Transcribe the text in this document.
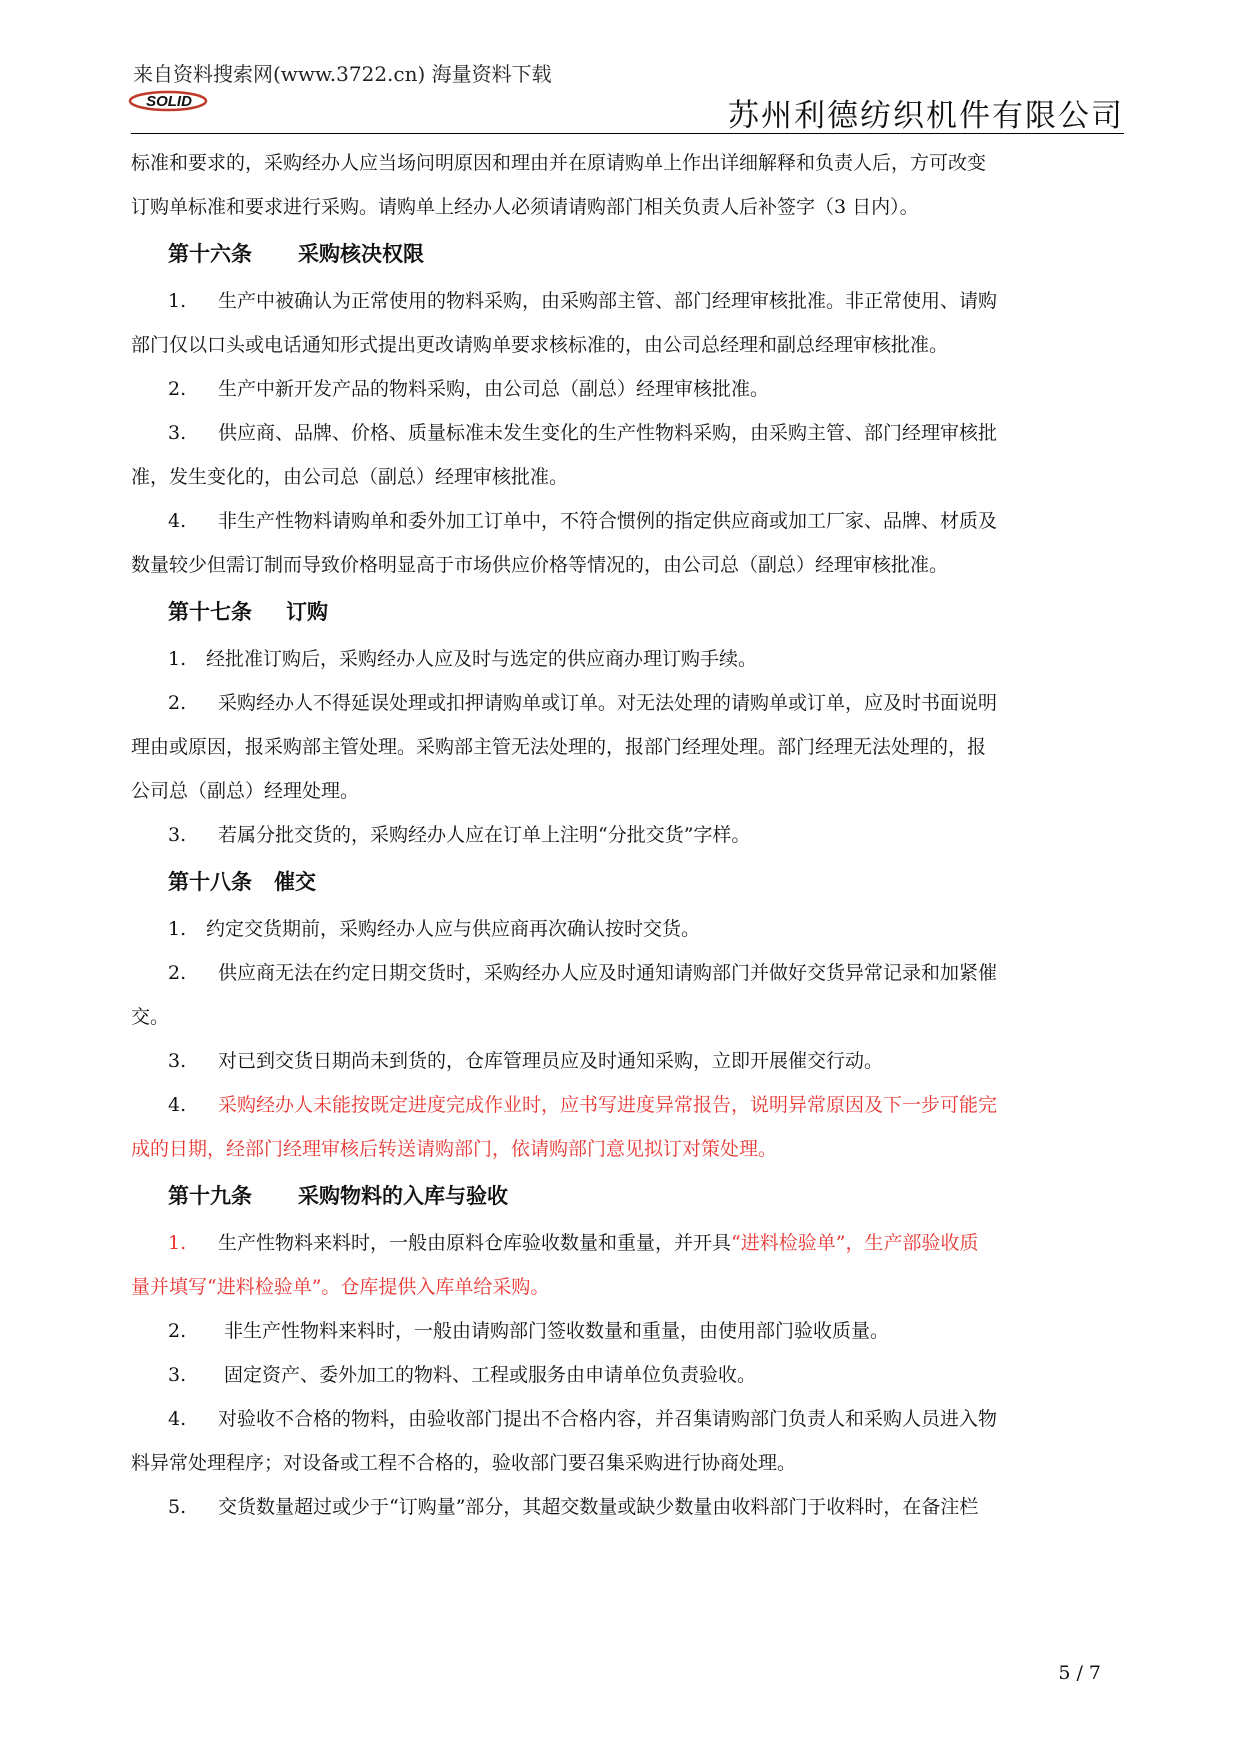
来自资料搜索网(www.3722.cn) 海量资料下载
SOLID	苏州利德纺织机件有限公司
标准和要求的，采购经办人应当场问明原因和理由并在原请购单上作出详细解释和负责人后，方可改变
订购单标准和要求进行采购。请购单上经办人必须请请购部门相关负责人后补签字（3 日内）。
第十六条 采购核决权限
1. 生产中被确认为正常使用的物料采购，由采购部主管、部门经理审核批准。非正常使用、请购
部门仅以口头或电话通知形式提出更改请购单要求核标准的，由公司总经理和副总经理审核批准。
2. 生产中新开发产品的物料采购，由公司总（副总）经理审核批准。
3. 供应商、品牌、价格、质量标准未发生变化的生产性物料采购，由采购主管、部门经理审核批
准，发生变化的，由公司总（副总）经理审核批准。
4. 非生产性物料请购单和委外加工订单中，不符合惯例的指定供应商或加工厂家、品牌、材质及
数量较少但需订制而导致价格明显高于市场供应价格等情况的，由公司总（副总）经理审核批准。
第十七条 订购
1. 经批准订购后，采购经办人应及时与选定的供应商办理订购手续。
2. 采购经办人不得延误处理或扣押请购单或订单。对无法处理的请购单或订单，应及时书面说明
理由或原因，报采购部主管处理。采购部主管无法处理的，报部门经理处理。部门经理无法处理的，报
公司总（副总）经理处理。
3. 若属分批交货的，采购经办人应在订单上注明“分批交货”字样。
第十八条 催交
1. 约定交货期前，采购经办人应与供应商再次确认按时交货。
2. 供应商无法在约定日期交货时，采购经办人应及时通知请购部门并做好交货异常记录和加紧催
交。
3. 对已到交货日期尚未到货的，仓库管理员应及时通知采购，立即开展催交行动。
4. 采购经办人未能按既定进度完成作业时，应书写进度异常报告，说明异常原因及下一步可能完
成的日期，经部门经理审核后转送请购部门，依请购部门意见拟订对策处理。
第十九条 采购物料的入库与验收
1. 生产性物料来料时，一般由原料仓库验收数量和重量，并开具“进料检验单”，生产部验收质
量并填写“进料检验单”。仓库提供入库单给采购。
2. 非生产性物料来料时，一般由请购部门签收数量和重量，由使用部门验收质量。
3. 固定资产、委外加工的物料、工程或服务由申请单位负责验收。
4. 对验收不合格的物料，由验收部门提出不合格内容，并召集请购部门负责人和采购人员进入物
料异常处理程序；对设备或工程不合格的，验收部门要召集采购进行协商处理。
5. 交货数量超过或少于“订购量”部分，其超交数量或缺少数量由收料部门于收料时，在备注栏
5 / 7
